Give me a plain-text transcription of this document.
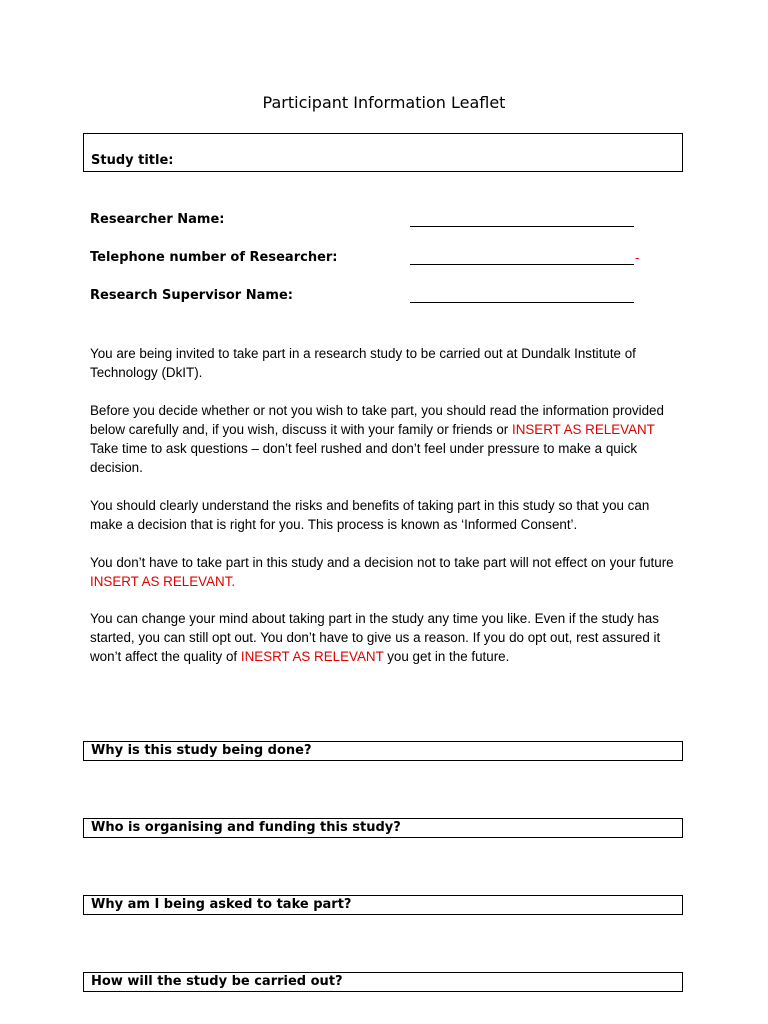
Participant Information Leaflet
Study title:
Researcher Name:
Telephone number of Researcher:	-
Research Supervisor Name:
You are being invited to take part in a research study to be carried out at Dundalk Institute of Technology (DkIT).
Before you decide whether or not you wish to take part, you should read the information provided below carefully and, if you wish, discuss it with your family or friends or INSERT AS RELEVANT Take time to ask questions – don’t feel rushed and don’t feel under pressure to make a quick decision.
You should clearly understand the risks and benefits of taking part in this study so that you can make a decision that is right for you. This process is known as ‘Informed Consent’.
You don’t have to take part in this study and a decision not to take part will not effect on your future INSERT AS RELEVANT.
You can change your mind about taking part in the study any time you like. Even if the study has started, you can still opt out. You don’t have to give us a reason. If you do opt out, rest assured it won’t affect the quality of INESRT AS RELEVANT you get in the future.
Why is this study being done?
Who is organising and funding this study?
Why am I being asked to take part?
How will the study be carried out?
